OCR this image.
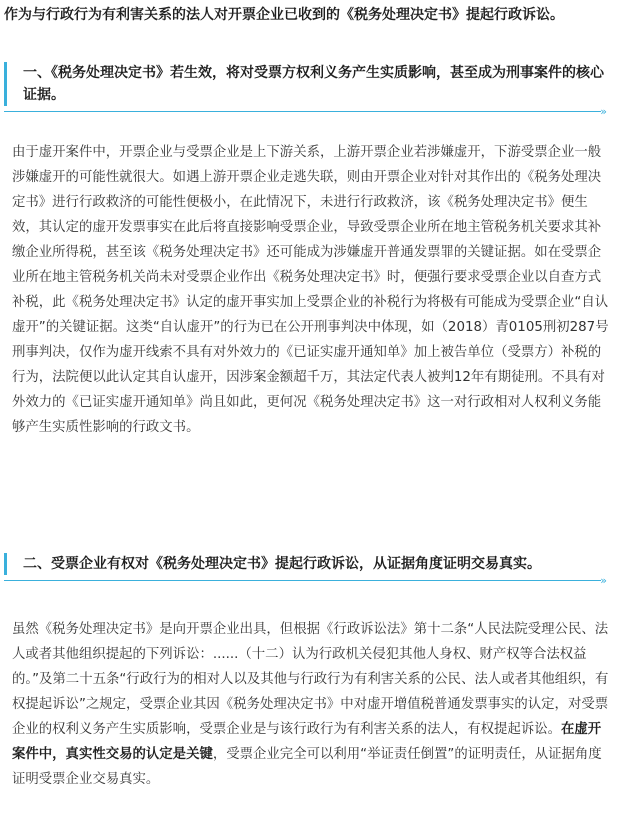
作为与行政行为有利害关系的法人对开票企业已收到的《税务处理决定书》提起行政诉讼。
一、《税务处理决定书》若生效，将对受票方权利义务产生实质影响，甚至成为刑事案件的核心证据。
»

由于虚开案件中，开票企业与受票企业是上下游关系，上游开票企业若涉嫌虚开，下游受票企业一般涉嫌虚开的可能性就很大。如遇上游开票企业走逃失联，则由开票企业对针对其作出的《税务处理决定书》进行行政救济的可能性便极小，在此情况下，未进行行政救济，该《税务处理决定书》便生效，其认定的虚开发票事实在此后将直接影响受票企业，导致受票企业所在地主管税务机关要求其补缴企业所得税，甚至该《税务处理决定书》还可能成为涉嫌虚开普通发票罪的关键证据。如在受票企业所在地主管税务机关尚未对受票企业作出《税务处理决定书》时，便强行要求受票企业以自查方式补税，此《税务处理决定书》认定的虚开事实加上受票企业的补税行为将极有可能成为受票企业“自认虚开”的关键证据。这类“自认虚开”的行为已在公开刑事判决中体现，如（2018）青0105刑初287号刑事判决，仅作为虚开线索不具有对外效力的《已证实虚开通知单》加上被告单位（受票方）补税的行为，法院便以此认定其自认虚开，因涉案金额超千万，其法定代表人被判12年有期徒刑。不具有对外效力的《已证实虚开通知单》尚且如此，更何况《税务处理决定书》这一对行政相对人权利义务能够产生实质性影响的行政文书。

二、受票企业有权对《税务处理决定书》提起行政诉讼，从证据角度证明交易真实。
»

虽然《税务处理决定书》是向开票企业出具，但根据《行政诉讼法》第十二条“人民法院受理公民、法人或者其他组织提起的下列诉讼：......（十二）认为行政机关侵犯其他人身权、财产权等合法权益的。”及第二十五条“行政行为的相对人以及其他与行政行为有利害关系的公民、法人或者其他组织，有权提起诉讼”之规定，受票企业其因《税务处理决定书》中对虚开增值税普通发票事实的认定，对受票企业的权利义务产生实质影响，受票企业是与该行政行为有利害关系的法人，有权提起诉讼。在虚开案件中，真实性交易的认定是关键，受票企业完全可以利用“举证责任倒置”的证明责任，从证据角度证明受票企业交易真实。
